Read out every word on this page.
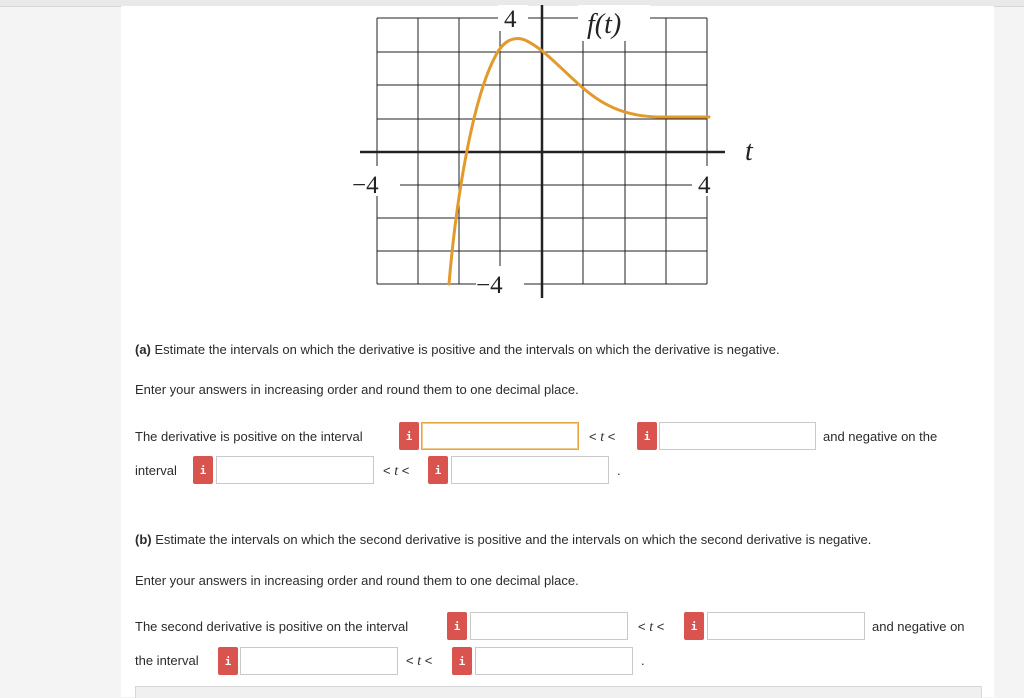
4	f(t)
t
−4	4
−4
(a) Estimate the intervals on which the derivative is positive and the intervals on which the derivative is negative.
Enter your answers in increasing order and round them to one decimal place.
The derivative is positive on the interval	i	< t <	i	and negative on the
interval	i	< t <	i	.
(b) Estimate the intervals on which the second derivative is positive and the intervals on which the second derivative is negative.
Enter your answers in increasing order and round them to one decimal place.
The second derivative is positive on the interval	i	< t <	i	and negative on
the interval	i	< t <	i	.
